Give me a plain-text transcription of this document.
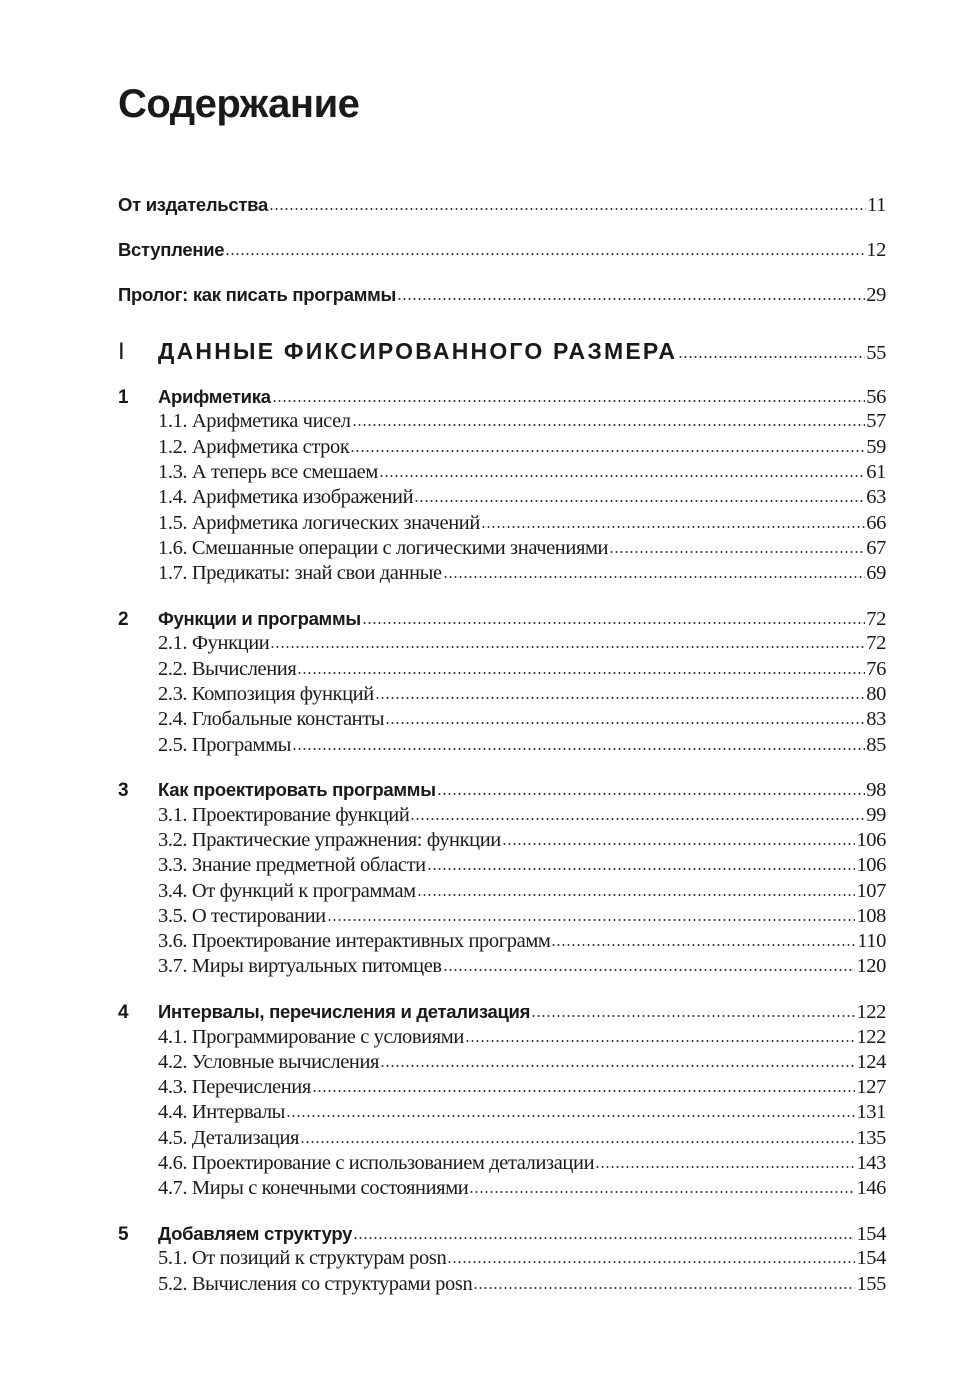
Содержание
От издательства	11
Вступление	12
Пролог: как писать программы	29
I	ДАННЫЕ ФИКСИРОВАННОГО РАЗМЕРА	55
1	Арифметика	56
1.1. Арифметика чисел	57
1.2. Арифметика строк	59
1.3. А теперь все смешаем	61
1.4. Арифметика изображений	63
1.5. Арифметика логических значений	66
1.6. Смешанные операции с логическими значениями	67
1.7. Предикаты: знай свои данные	69
2	Функции и программы	72
2.1. Функции	72
2.2. Вычисления	76
2.3. Композиция функций	80
2.4. Глобальные константы	83
2.5. Программы	85
3	Как проектировать программы	98
3.1. Проектирование функций	99
3.2. Практические упражнения: функции	106
3.3. Знание предметной области	106
3.4. От функций к программам	107
3.5. О тестировании	108
3.6. Проектирование интерактивных программ	110
3.7. Миры виртуальных питомцев	120
4	Интервалы, перечисления и детализация	122
4.1. Программирование с условиями	122
4.2. Условные вычисления	124
4.3. Перечисления	127
4.4. Интервалы	131
4.5. Детализация	135
4.6. Проектирование с использованием детализации	143
4.7. Миры с конечными состояниями	146
5	Добавляем структуру	154
5.1. От позиций к структурам posn	154
5.2. Вычисления со структурами posn	155
